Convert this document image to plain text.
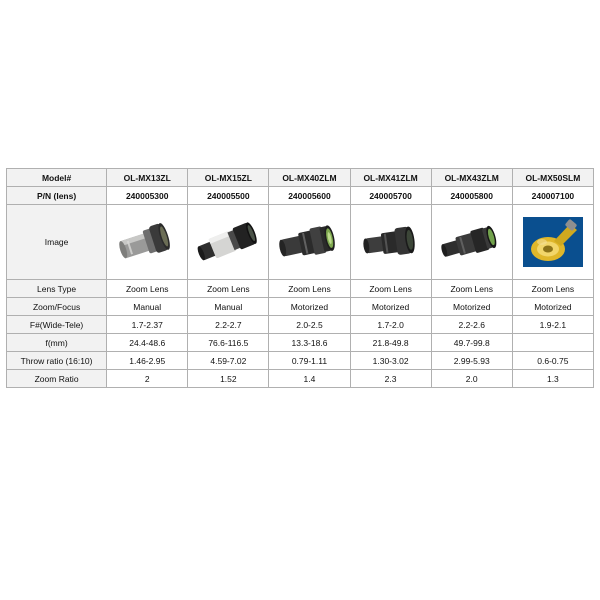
Model#	OL-MX13ZL	OL-MX15ZL	OL-MX40ZLM	OL-MX41ZLM	OL-MX43ZLM	OL-MX50SLM
P/N (lens)	240005300	240005500	240005600	240005700	240005800	240007100
Image	

Lens Type	Zoom Lens	Zoom Lens	Zoom Lens	Zoom Lens	Zoom Lens	Zoom Lens
Zoom/Focus	Manual	Manual	Motorized	Motorized	Motorized	Motorized
F#(Wide-Tele)	1.7-2.37	2.2-2.7	2.0-2.5	1.7-2.0	2.2-2.6	1.9-2.1
f(mm)	24.4-48.6	76.6-116.5	13.3-18.6	21.8-49.8	49.7-99.8	
Throw ratio (16:10)	1.46-2.95	4.59-7.02	0.79-1.11	1.30-3.02	2.99-5.93	0.6-0.75
Zoom Ratio	2	1.52	1.4	2.3	2.0	1.3
